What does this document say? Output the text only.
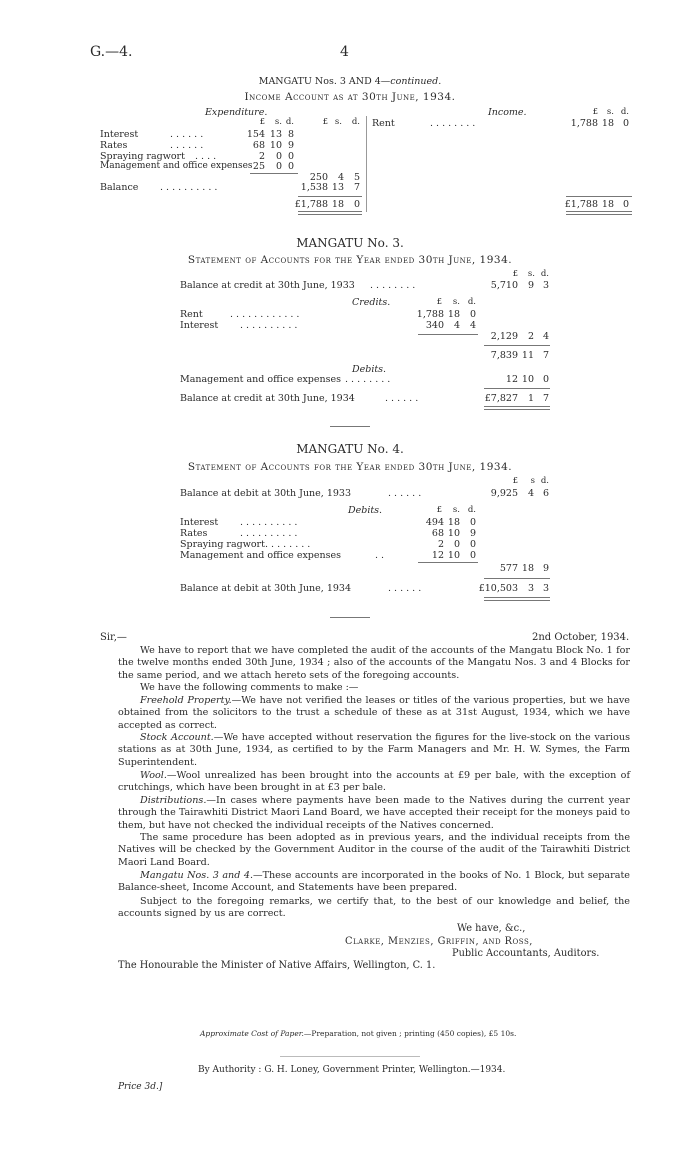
G.—4.	4
MANGATU Nos. 3 AND 4—continued.
Income Account as at 30th June, 1934.
Expenditure.	Income.
£	s. d.	£ s.	d.
£	s. d.
Interest	. . . . . .	154 13 8
Rates	. . . . . .	68 10 9
Spraying ragwort . . . .	2	0 0
Management and office expenses 25	0 0
250	4	5
Balance . . . . . . . . . .	1,538 13	7
£1,788 18	0
Rent	. . . . . . . .	1,788 18 0
£1,788 18 0
MANGATU No. 3.
Statement of Accounts for the Year ended 30th June, 1934.
£	s. d.
Balance at credit at 30th June, 1933 . . . . . . . .	5,710	9 3
Credits.	£	s. d.
Rent	. . . . . . . . . . . .	1,788 18	0
Interest . . . . . . . . . .	340	4	4
2,129	2 4
7,839 11 7
Debits.
Management and office expenses . . . . . . . .	12 10 0
Balance at credit at 30th June, 1934	. . . . . .	£7,827	1 7
MANGATU No. 4.
Statement of Accounts for the Year ended 30th June, 1934.
£	s d.
Balance at debit at 30th June, 1933	. . . . . .	9,925	4 6
Debits.	£	s. d.
Interest . . . . . . . . . .	494 18	0
Rates	. . . . . . . . . .	68 10	9
Spraying ragwort . . . . . . . .	2	0	0
Management and office expenses	. .	12 10	0
577 18 9
Balance at debit at 30th June, 1934	. . . . . .	£10,503	3 3
Sir,—	2nd October, 1934.
We have to report that we have completed the audit of the accounts of the Mangatu Block No. 1 for the twelve months ended 30th June, 1934 ; also of the accounts of the Mangatu Nos. 3 and 4 Blocks for the same period, and we attach hereto sets of the foregoing accounts.
We have the following comments to make :—
Freehold Property.—We have not verified the leases or titles of the various properties, but we have obtained from the solicitors to the trust a schedule of these as at 31st August, 1934, which we have accepted as correct.
Stock Account.—We have accepted without reservation the figures for the live-stock on the various stations as at 30th June, 1934, as certified to by the Farm Managers and Mr. H. W. Symes, the Farm Superintendent.
Wool.—Wool unrealized has been brought into the accounts at £9 per bale, with the exception of crutchings, which have been brought in at £3 per bale.
Distributions.—In cases where payments have been made to the Natives during the current year through the Tairawhiti District Maori Land Board, we have accepted their receipt for the moneys paid to them, but have not checked the individual receipts of the Natives concerned.
The same procedure has been adopted as in previous years, and the individual receipts from the Natives will be checked by the Government Auditor in the course of the audit of the Tairawhiti District Maori Land Board.
Mangatu Nos. 3 and 4.—These accounts are incorporated in the books of No. 1 Block, but separate Balance-sheet, Income Account, and Statements have been prepared.
Subject to the foregoing remarks, we certify that, to the best of our knowledge and belief, the accounts signed by us are correct.
We have, &c.,
Clarke, Menzies, Griffin, and Ross,
Public Accountants, Auditors.
The Honourable the Minister of Native Affairs, Wellington, C. 1.
Approximate Cost of Paper.—Preparation, not given ; printing (450 copies), £5 10s.
By Authority : G. H. Loney, Government Printer, Wellington.—1934.
Price 3d.]
